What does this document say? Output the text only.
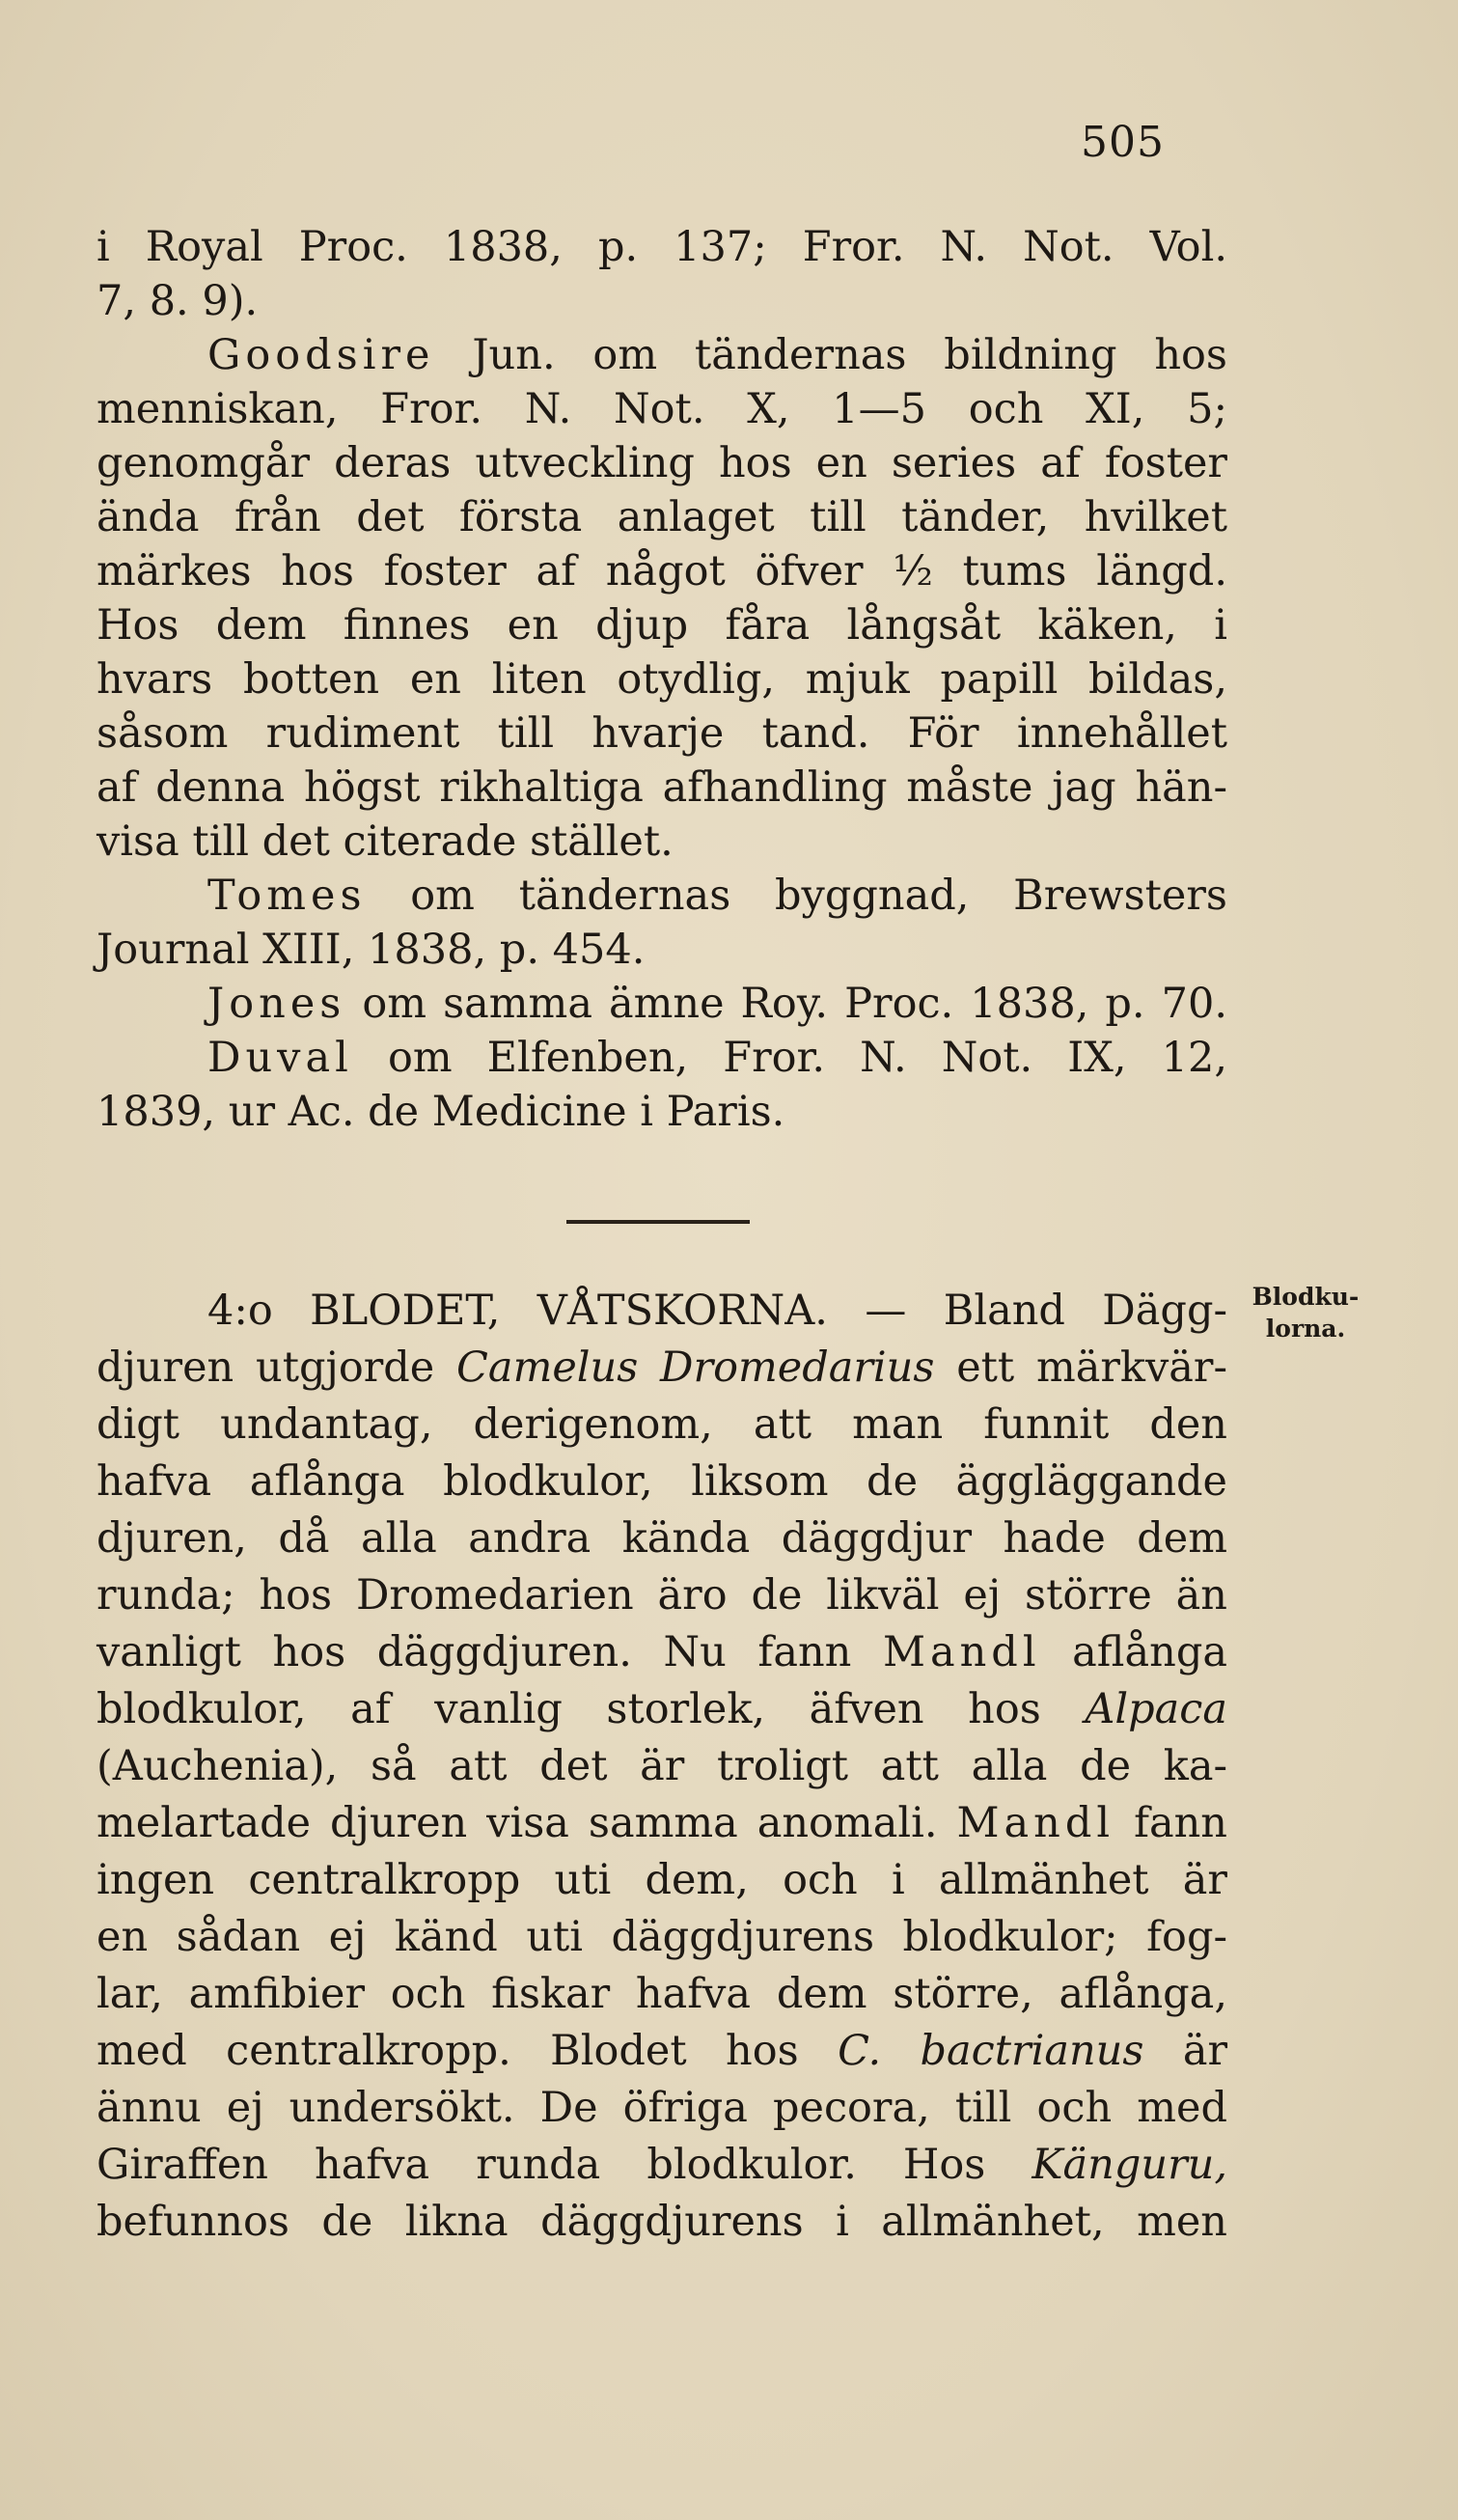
505
i Royal Proc. 1838, p. 137; Fror. N. Not. Vol.
7, 8. 9).
Goodsire Jun. om tändernas bildning hos
menniskan, Fror. N. Not. X, 1—5 och XI, 5;
genomgår deras utveckling hos en series af foster
ända från det första anlaget till tänder, hvilket
märkes hos foster af något öfver ½ tums längd.
Hos dem finnes en djup fåra långsåt käken, i
hvars botten en liten otydlig, mjuk papill bildas,
såsom rudiment till hvarje tand. För innehållet
af denna högst rikhaltiga afhandling måste jag hän-
visa till det citerade stället.
Tomes om tändernas byggnad, Brewsters
Journal XIII, 1838, p. 454.
Jones om samma ämne Roy. Proc. 1838, p. 70.
Duval om Elfenben, Fror. N. Not. IX, 12,
1839, ur Ac. de Medicine i Paris.
4:o BLODET, VÅTSKORNA. — Bland Dägg-
djuren utgjorde Camelus Dromedarius ett märkvär-
digt undantag, derigenom, att man funnit den
hafva aflånga blodkulor, liksom de äggläggande
djuren, då alla andra kända däggdjur hade dem
runda; hos Dromedarien äro de likväl ej större än
vanligt hos däggdjuren. Nu fann Mandl aflånga
blodkulor, af vanlig storlek, äfven hos Alpaca
(Auchenia), så att det är troligt att alla de ka-
melartade djuren visa samma anomali. Mandl fann
ingen centralkropp uti dem, och i allmänhet är
en sådan ej känd uti däggdjurens blodkulor; fog-
lar, amfibier och fiskar hafva dem större, aflånga,
med centralkropp. Blodet hos C. bactrianus är
ännu ej undersökt. De öfriga pecora, till och med
Giraffen hafva runda blodkulor. Hos Känguru,
befunnos de likna däggdjurens i allmänhet, men
Blodku-
lorna.
